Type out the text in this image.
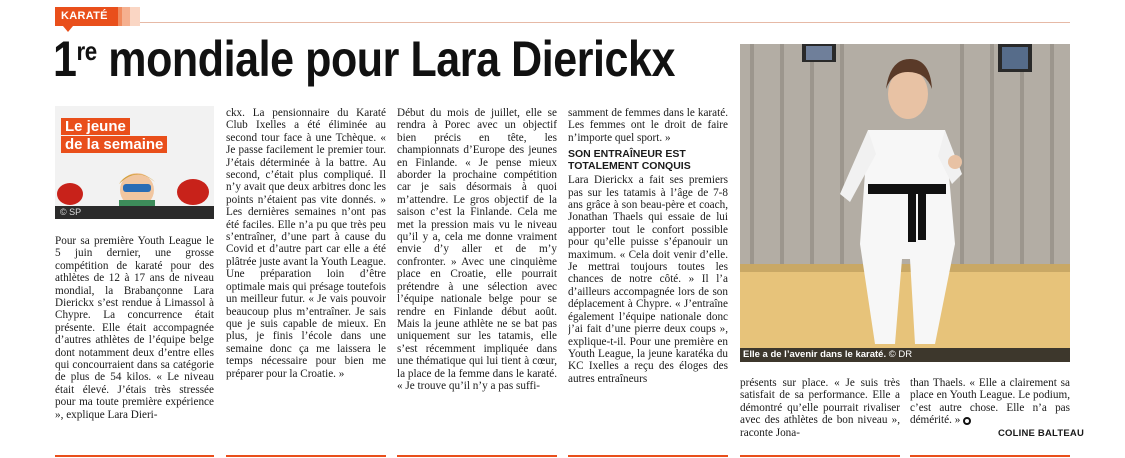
KARATÉ
1re mondiale pour Lara Dierickx
Le jeune
de la semaine
© SP

Pour sa première Youth League le 5 juin dernier, une grosse compétition de karaté pour des athlètes de 12 à 17 ans de niveau mondial, la Brabançonne Lara Dierickx s’est rendue à Limassol à Chypre. La concurrence était présente. Elle était accompagnée d’autres athlètes de l’équipe belge dont notamment deux d’entre elles qui concourraient dans sa catégorie de plus de 54 kilos. « Le niveau était élevé. J’étais très stressée pour ma toute première expérience », explique Lara Dieri-

ckx. La pensionnaire du Karaté Club Ixelles a été éliminée au second tour face à une Tchèque. « Je passe facilement le premier tour. J’étais déterminée à la battre. Au second, c’était plus compliqué. Il n’y avait que deux arbitres donc les points n’étaient pas vite donnés. » Les dernières semaines n’ont pas été faciles. Elle n’a pu que très peu s’entraîner, d’une part à cause du Covid et d’autre part car elle a été plâtrée juste avant la Youth League. Une préparation loin d’être optimale mais qui présage toutefois un meilleur futur. « Je vais pouvoir beaucoup plus m’entraîner. Je sais que je suis capable de mieux. En plus, je finis l’école dans une semaine donc ça me laissera le temps nécessaire pour bien me préparer pour la Croatie. »

Début du mois de juillet, elle se rendra à Porec avec un objectif bien précis en tête, les championnats d’Europe des jeunes en Finlande. « Je pense mieux aborder la prochaine compétition car je sais désormais à quoi m’attendre. Le gros objectif de la saison c’est la Finlande. Cela me met la pression mais vu le niveau qu’il y a, cela me donne vraiment envie d’y aller et de m’y confronter. » Avec une cinquième place en Croatie, elle pourrait prétendre à une sélection avec l’équipe nationale belge pour se rendre en Finlande début août. Mais la jeune athlète ne se bat pas uniquement sur les tatamis, elle s’est récemment impliquée dans une thématique qui lui tient à cœur, la place de la femme dans le karaté. « Je trouve qu’il n’y a pas suffi-

samment de femmes dans le karaté. Les femmes ont le droit de faire n’importe quel sport. »

SON ENTRAÎNEUR EST TOTALEMENT CONQUIS

Lara Dierickx a fait ses premiers pas sur les tatamis à l’âge de 7-8 ans grâce à son beau-père et coach, Jonathan Thaels qui essaie de lui apporter tout le confort possible pour qu’elle puisse s’épanouir un maximum. « Cela doit venir d’elle. Je mettrai toujours toutes les chances de notre côté. » Il l’a d’ailleurs accompagnée lors de son déplacement à Chypre. « J’entraîne également l’équipe nationale donc j’ai fait d’une pierre deux coups », explique-t-il. Pour une première en Youth League, la jeune karatéka du KC Ixelles a reçu des éloges des autres entraîneurs

Elle a de l’avenir dans le karaté. © DR

présents sur place. « Je suis très satisfait de sa performance. Elle a démontré qu’elle pourrait rivaliser avec des athlètes de bon niveau », raconte Jona-

than Thaels. « Elle a clairement sa place en Youth League. Le podium, c’est autre chose. Elle n’a pas démérité. »

COLINE BALTEAU
